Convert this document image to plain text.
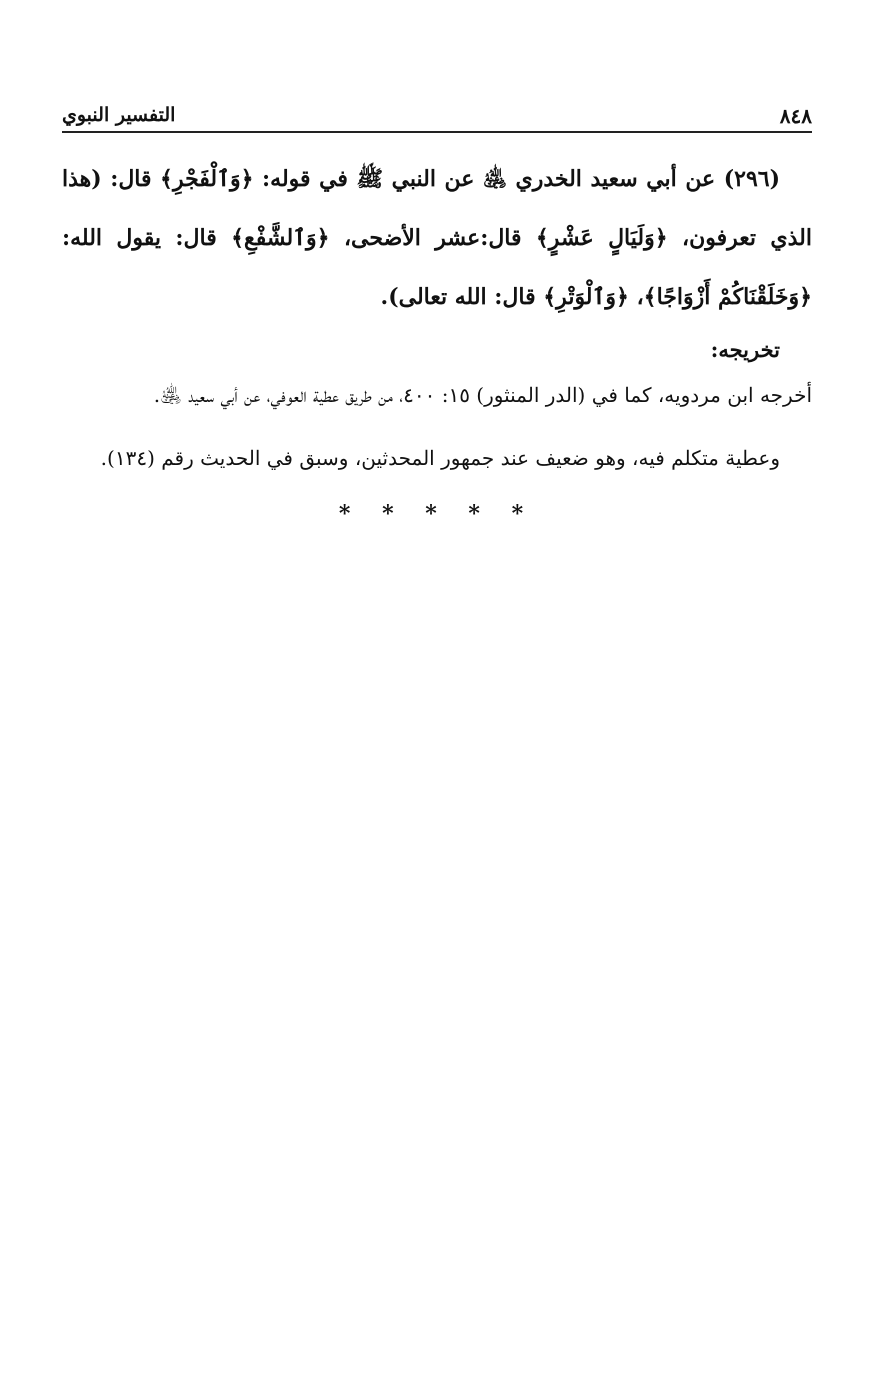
٨٤٨
التفسير النبوي

(٢٩٦) عن أبي سعيد الخدري ﵁ عن النبي ﷺ في قوله: ﴿وَٱلْفَجْرِ﴾ قال: (هذا الذي تعرفون، ﴿وَلَيَالٍ عَشْرٍ﴾ قال:عشر الأضحى، ﴿وَٱلشَّفْعِ﴾ قال: يقول الله: ﴿وَخَلَقْنَاكُمْ أَزْوَاجًا﴾، ﴿وَٱلْوَتْرِ﴾ قال: الله تعالى).

تخريجه:

أخرجه ابن مردويه، كما في (الدر المنثور) ١٥: ٤٠٠، من طريق عطية العوفي، عن أبي سعيد ﵁.

وعطية متكلم فيه، وهو ضعيف عند جمهور المحدثين، وسبق في الحديث رقم (١٣٤).

* * * * *
